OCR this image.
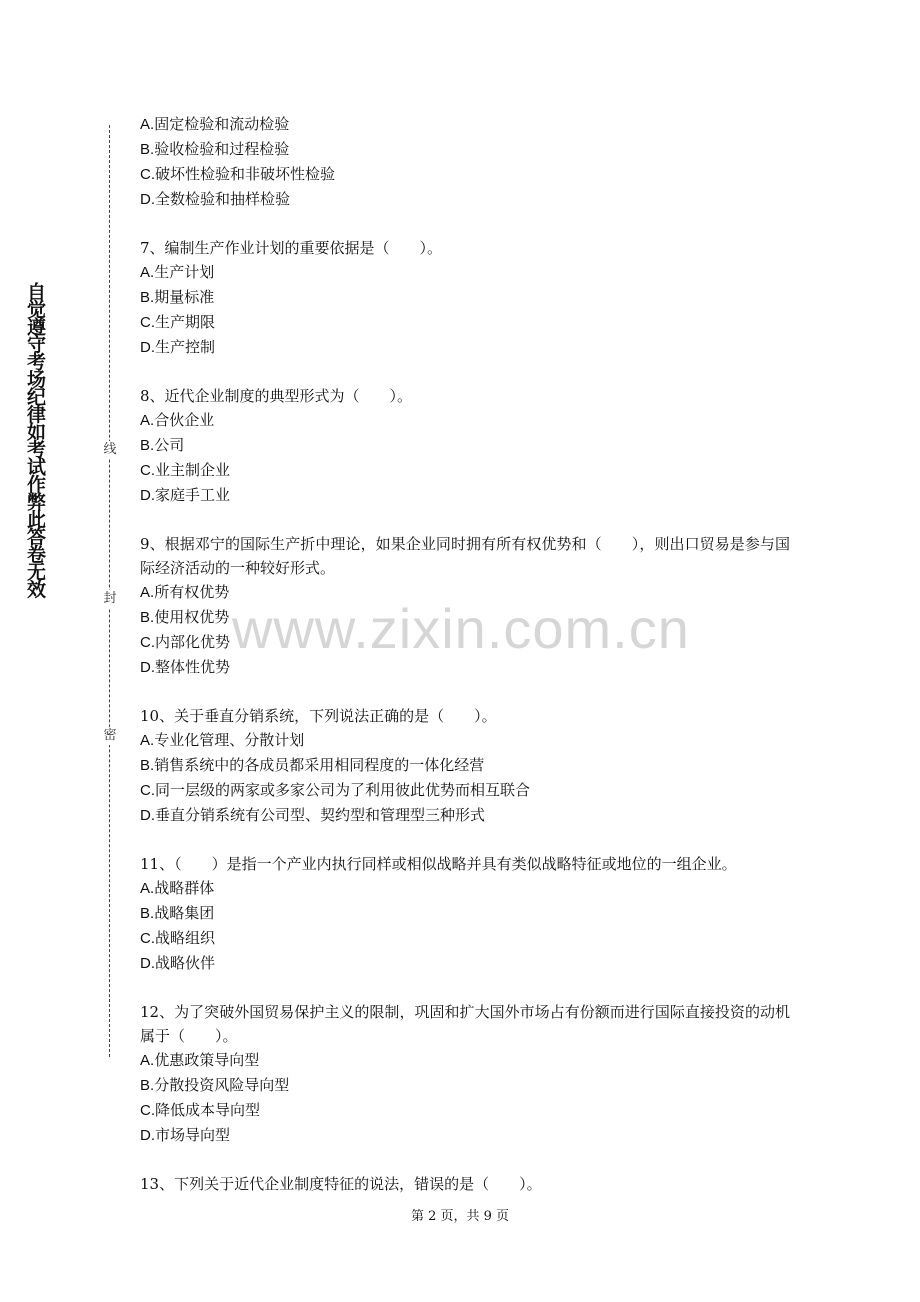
自觉遵守考场纪律如考试作弊此答卷无效	线
封
密
www.zixin.com.cn

A.固定检验和流动检验

B.验收检验和过程检验

C.破坏性检验和非破坏性检验

D.全数检验和抽样检验

7、编制生产作业计划的重要依据是（　　）。

A.生产计划

B.期量标准

C.生产期限

D.生产控制

8、近代企业制度的典型形式为（　　）。

A.合伙企业

B.公司

C.业主制企业

D.家庭手工业

9、根据邓宁的国际生产折中理论，如果企业同时拥有所有权优势和（　　），则出口贸易是参与国际经济活动的一种较好形式。

A.所有权优势

B.使用权优势

C.内部化优势

D.整体性优势

10、关于垂直分销系统，下列说法正确的是（　　）。

A.专业化管理、分散计划

B.销售系统中的各成员都采用相同程度的一体化经营

C.同一层级的两家或多家公司为了利用彼此优势而相互联合

D.垂直分销系统有公司型、契约型和管理型三种形式

11、（　　）是指一个产业内执行同样或相似战略并具有类似战略特征或地位的一组企业。

A.战略群体

B.战略集团

C.战略组织

D.战略伙伴

12、为了突破外国贸易保护主义的限制，巩固和扩大国外市场占有份额而进行国际直接投资的动机属于（　　）。

A.优惠政策导向型

B.分散投资风险导向型

C.降低成本导向型

D.市场导向型

13、下列关于近代企业制度特征的说法，错误的是（　　）。

第 2 页，共 9 页
